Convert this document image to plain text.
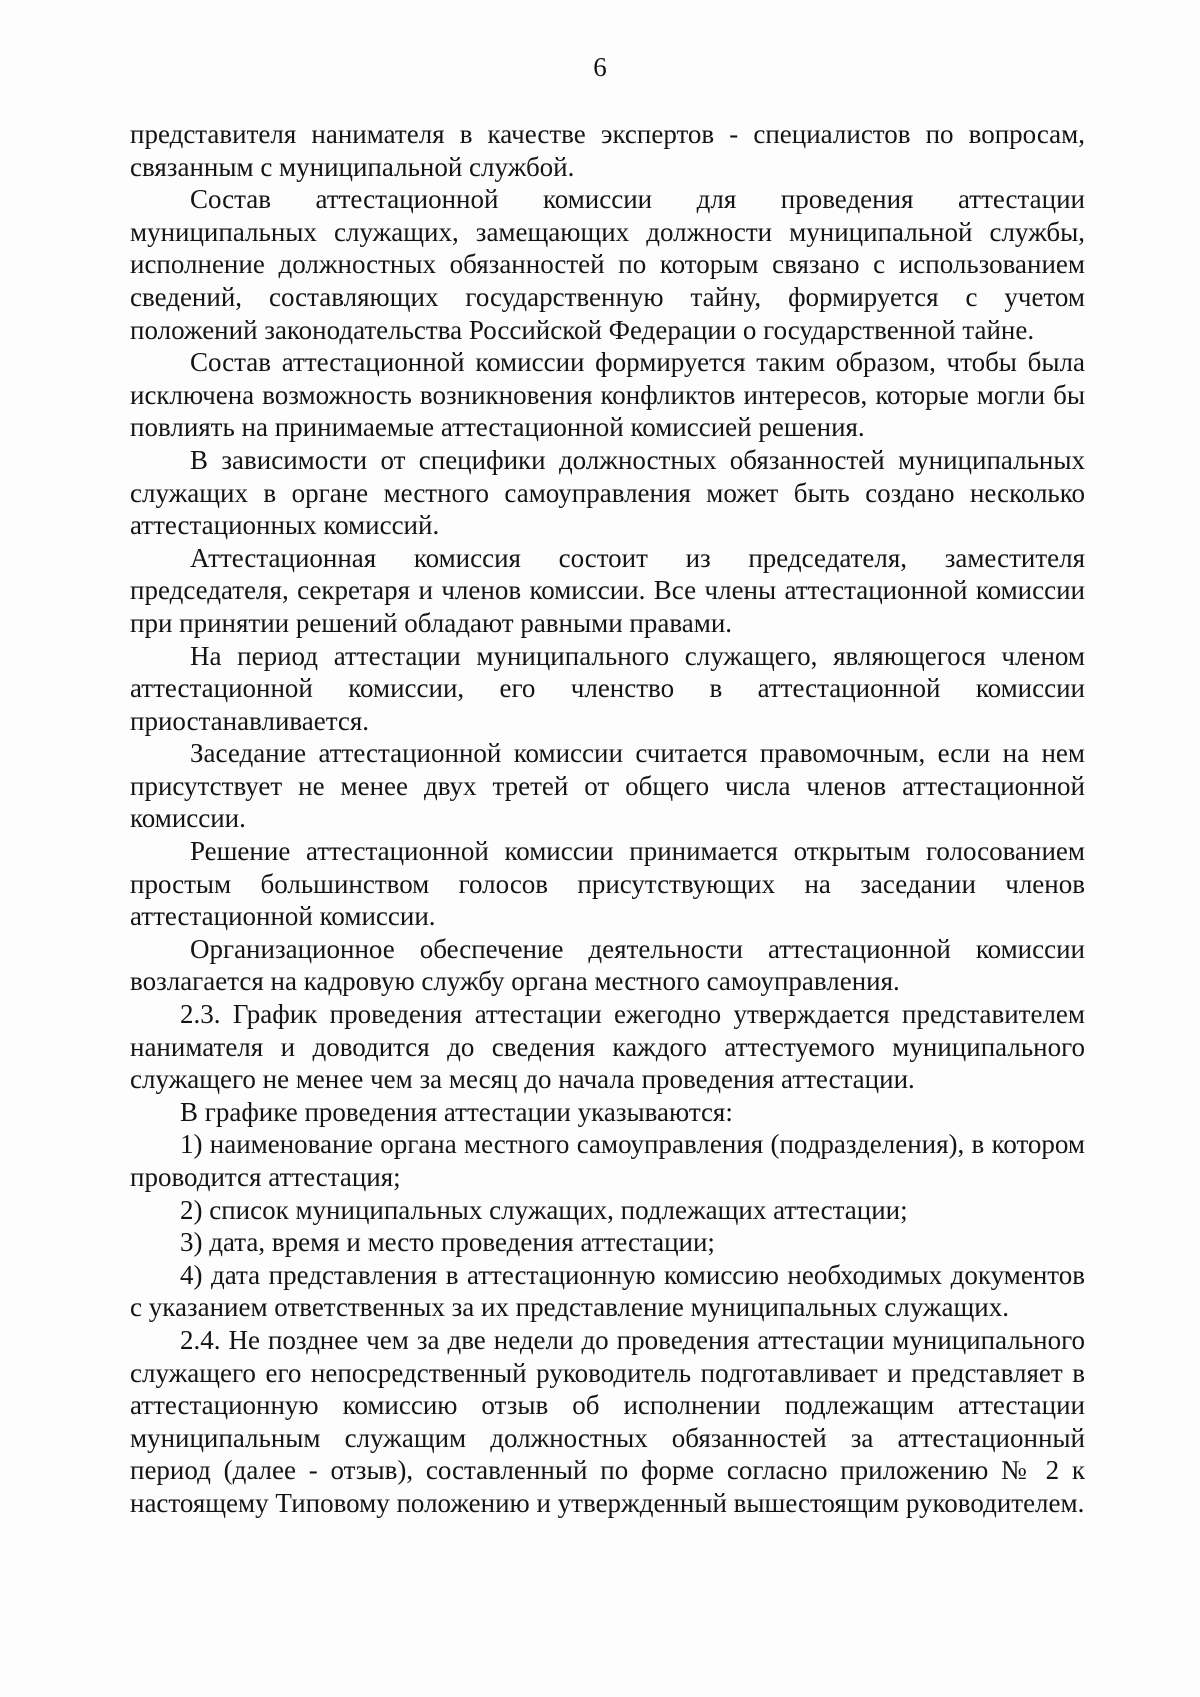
6

представителя нанимателя в качестве экспертов - специалистов по вопросам, связанным с муниципальной службой.

Состав аттестационной комиссии для проведения аттестации муниципальных служащих, замещающих должности муниципальной службы, исполнение должностных обязанностей по которым связано с использованием сведений, составляющих государственную тайну, формируется с учетом положений законодательства Российской Федерации о государственной тайне.

Состав аттестационной комиссии формируется таким образом, чтобы была исключена возможность возникновения конфликтов интересов, которые могли бы повлиять на принимаемые аттестационной комиссией решения.

В зависимости от специфики должностных обязанностей муниципальных служащих в органе местного самоуправления может быть создано несколько аттестационных комиссий.

Аттестационная комиссия состоит из председателя, заместителя председателя, секретаря и членов комиссии. Все члены аттестационной комиссии при принятии решений обладают равными правами.

На период аттестации муниципального служащего, являющегося членом аттестационной комиссии, его членство в аттестационной комиссии приостанавливается.

Заседание аттестационной комиссии считается правомочным, если на нем присутствует не менее двух третей от общего числа членов аттестационной комиссии.

Решение аттестационной комиссии принимается открытым голосованием простым большинством голосов присутствующих на заседании членов аттестационной комиссии.

Организационное обеспечение деятельности аттестационной комиссии возлагается на кадровую службу органа местного самоуправления.

2.3. График проведения аттестации ежегодно утверждается представителем нанимателя и доводится до сведения каждого аттестуемого муниципального служащего не менее чем за месяц до начала проведения аттестации.

В графике проведения аттестации указываются:

1) наименование органа местного самоуправления (подразделения), в котором проводится аттестация;

2) список муниципальных служащих, подлежащих аттестации;

3) дата, время и место проведения аттестации;

4) дата представления в аттестационную комиссию необходимых документов с указанием ответственных за их представление муниципальных служащих.

2.4. Не позднее чем за две недели до проведения аттестации муниципального служащего его непосредственный руководитель подготавливает и представляет в аттестационную комиссию отзыв об исполнении подлежащим аттестации муниципальным служащим должностных обязанностей за аттестационный период (далее - отзыв), составленный по форме согласно приложению № 2 к настоящему Типовому положению и утвержденный вышестоящим руководителем.
